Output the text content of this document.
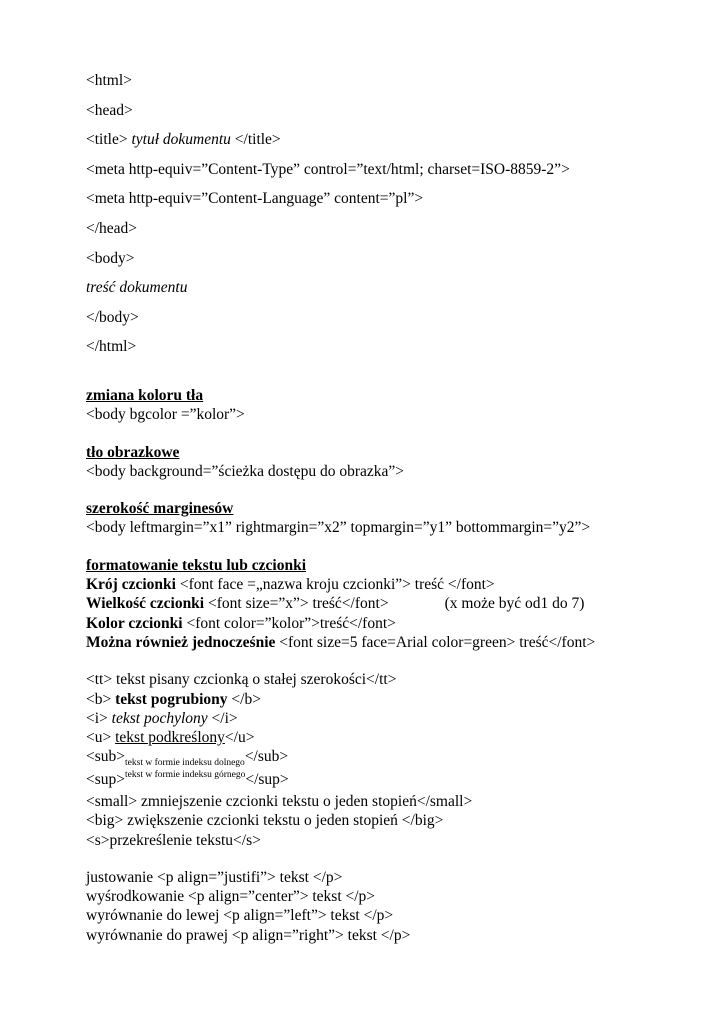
<html>
<head>
<title> tytuł dokumentu </title>
<meta http-equiv=”Content-Type” control=”text/html; charset=ISO-8859-2”>
<meta http-equiv=”Content-Language” content=”pl”>
</head>
<body>
treść dokumentu
</body>
</html>
zmiana koloru tła
<body bgcolor =”kolor”>
tło obrazkowe
<body background=”ścieżka dostępu do obrazka”>
szerokość marginesów
<body leftmargin=”x1” rightmargin=”x2” topmargin=”y1” bottommargin=”y2”>
formatowanie tekstu lub czcionki
Krój czcionki <font face =„nazwa kroju czcionki”> treść </font>
Wielkość czcionki <font size=”x”> treść</font>	(x może być od1 do 7)
Kolor czcionki <font color=”kolor”>treść</font>
Można również jednocześnie <font size=5 face=Arial color=green> treść</font>
<tt> tekst pisany czcionką o stałej szerokości</tt>
<b> tekst pogrubiony </b>
<i> tekst pochylony </i>
<u> tekst podkreślony</u>
$<sub>_{tekst w formie indeksu dolnego}</sub>$
<sup>$^{tekst w formie indeksu górnego}$</sup>
<small> zmniejszenie czcionki tekstu o jeden stopień</small>
<big> zwiększenie czcionki tekstu o jeden stopień </big>
<s>przekreślenie tekstu</s>
justowanie <p align=”justifi”> tekst </p>
wyśrodkowanie <p align=”center”> tekst </p>
wyrównanie do lewej <p align=”left”> tekst </p>
wyrównanie do prawej <p align=”right”> tekst </p>
